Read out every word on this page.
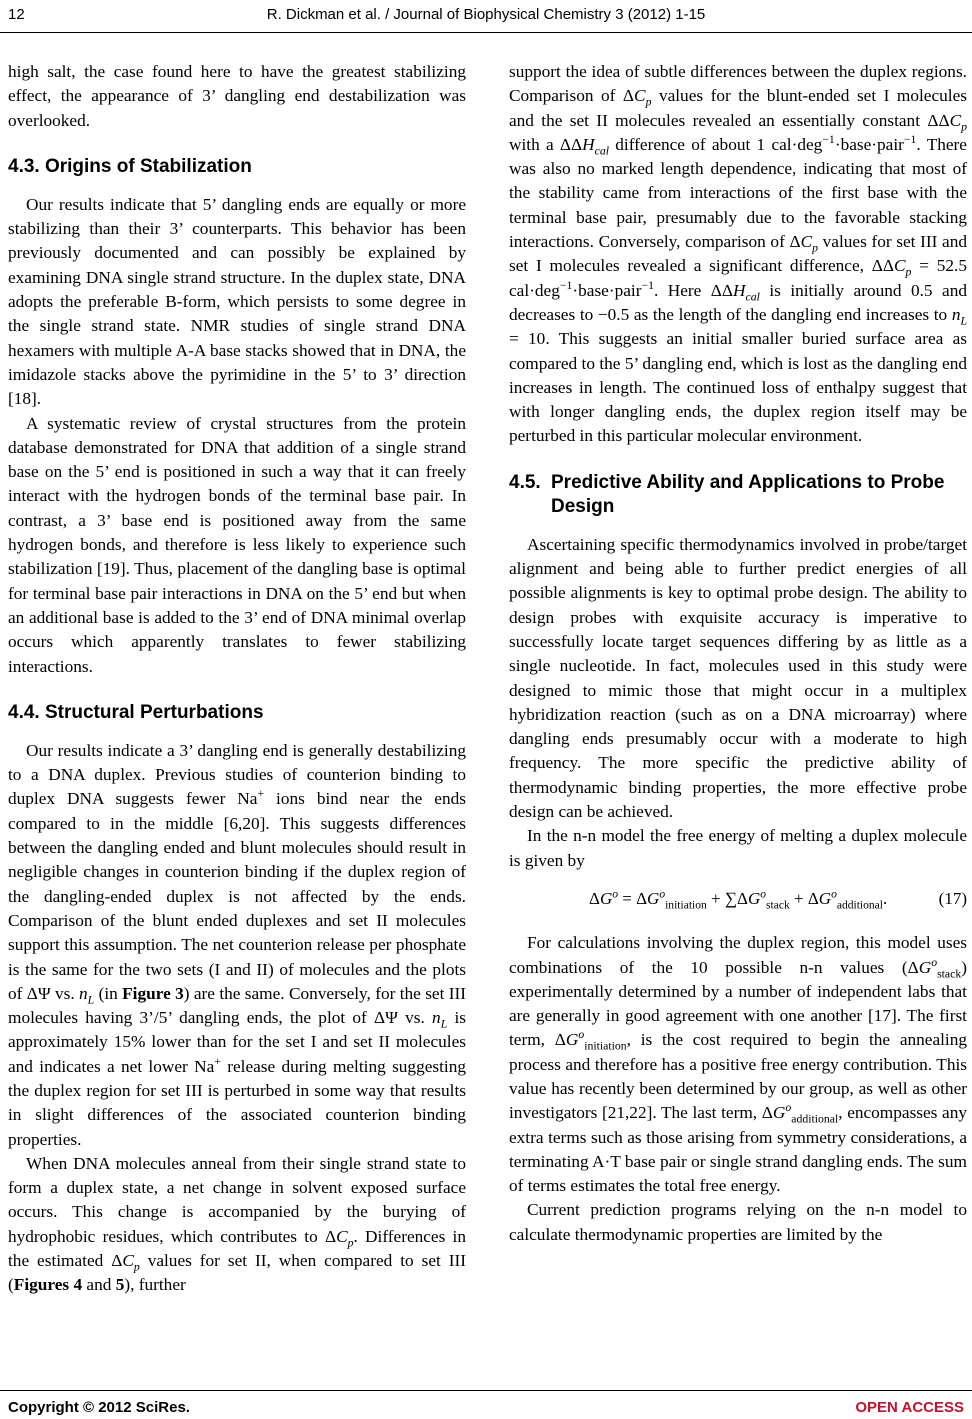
12	R. Dickman et al. / Journal of Biophysical Chemistry 3 (2012) 1-15

high salt, the case found here to have the greatest stabilizing effect, the appearance of 3’ dangling end destabilization was overlooked.

4.3. Origins of Stabilization

Our results indicate that 5’ dangling ends are equally or more stabilizing than their 3’ counterparts. This behavior has been previously documented and can possibly be explained by examining DNA single strand structure. In the duplex state, DNA adopts the preferable B-form, which persists to some degree in the single strand state. NMR studies of single strand DNA hexamers with multiple A-A base stacks showed that in DNA, the imidazole stacks above the pyrimidine in the 5’ to 3’ direction [18].

A systematic review of crystal structures from the protein database demonstrated for DNA that addition of a single strand base on the 5’ end is positioned in such a way that it can freely interact with the hydrogen bonds of the terminal base pair. In contrast, a 3’ base end is positioned away from the same hydrogen bonds, and therefore is less likely to experience such stabilization [19]. Thus, placement of the dangling base is optimal for terminal base pair interactions in DNA on the 5’ end but when an additional base is added to the 3’ end of DNA minimal overlap occurs which apparently translates to fewer stabilizing interactions.

4.4. Structural Perturbations

Our results indicate a 3’ dangling end is generally destabilizing to a DNA duplex. Previous studies of counterion binding to duplex DNA suggests fewer Na+ ions bind near the ends compared to in the middle [6,20]. This suggests differences between the dangling ended and blunt molecules should result in negligible changes in counterion binding if the duplex region of the dangling-ended duplex is not affected by the ends. Comparison of the blunt ended duplexes and set II molecules support this assumption. The net counterion release per phosphate is the same for the two sets (I and II) of molecules and the plots of ΔΨ vs. $n_L$ (in Figure 3) are the same. Conversely, for the set III molecules having 3’/5’ dangling ends, the plot of ΔΨ vs. $n_L$ is approximately 15% lower than for the set I and set II molecules and indicates a net lower Na+ release during melting suggesting the duplex region for set III is perturbed in some way that results in slight differences of the associated counterion binding properties.

When DNA molecules anneal from their single strand state to form a duplex state, a net change in solvent exposed surface occurs. This change is accompanied by the burying of hydrophobic residues, which contributes to $\Delta C_p$. Differences in the estimated $\Delta C_p$ values for set II, when compared to set III (Figures 4 and 5), further

support the idea of subtle differences between the duplex regions. Comparison of $\Delta C_p$ values for the blunt-ended set I molecules and the set II molecules revealed an essentially constant $\Delta\Delta C_p$ with a $\Delta\Delta H_{cal}$ difference of about 1 cal·deg$^{-1}$·base·pair$^{-1}$. There was also no marked length dependence, indicating that most of the stability came from interactions of the first base with the terminal base pair, presumably due to the favorable stacking interactions. Conversely, comparison of $\Delta C_p$ values for set III and set I molecules revealed a significant difference, $\Delta\Delta C_p = 52.5$ cal·deg$^{-1}$·base·pair$^{-1}$. Here $\Delta\Delta H_{cal}$ is initially around 0.5 and decreases to −0.5 as the length of the dangling end increases to $n_L = 10$. This suggests an initial smaller buried surface area as compared to the 5’ dangling end, which is lost as the dangling end increases in length. The continued loss of enthalpy suggest that with longer dangling ends, the duplex region itself may be perturbed in this particular molecular environment.

4.5. Predictive Ability and Applications to Probe Design

Ascertaining specific thermodynamics involved in probe/target alignment and being able to further predict energies of all possible alignments is key to optimal probe design. The ability to design probes with exquisite accuracy is imperative to successfully locate target sequences differing by as little as a single nucleotide. In fact, molecules used in this study were designed to mimic those that might occur in a multiplex hybridization reaction (such as on a DNA microarray) where dangling ends presumably occur with a moderate to high frequency. The more specific the predictive ability of thermodynamic binding properties, the more effective probe design can be achieved.

In the n-n model the free energy of melting a duplex molecule is given by

$\Delta G^o = \Delta G^o_{initiation} + \sum\Delta G^o_{stack} + \Delta G^o_{additional}$.	(17)

For calculations involving the duplex region, this model uses combinations of the 10 possible n-n values $(\Delta G^o_{stack})$ experimentally determined by a number of independent labs that are generally in good agreement with one another [17]. The first term, $\Delta G^o_{initiation}$, is the cost required to begin the annealing process and therefore has a positive free energy contribution. This value has recently been determined by our group, as well as other investigators [21,22]. The last term, $\Delta G^o_{additional}$, encompasses any extra terms such as those arising from symmetry considerations, a terminating A·T base pair or single strand dangling ends. The sum of terms estimates the total free energy.

Current prediction programs relying on the n-n model to calculate thermodynamic properties are limited by the

Copyright © 2012 SciRes.	OPEN ACCESS
